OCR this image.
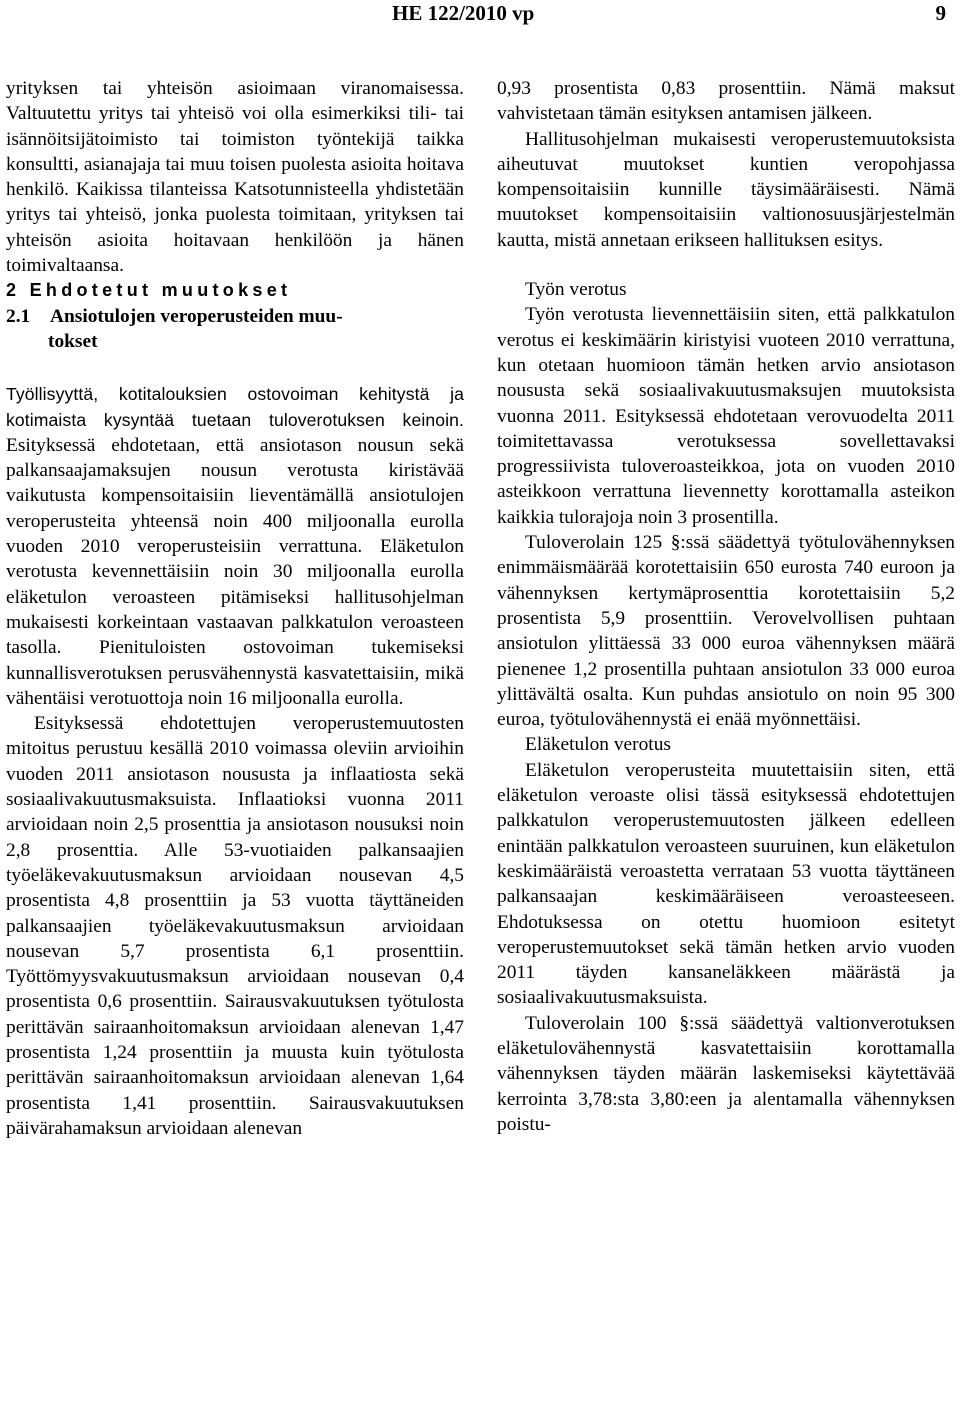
HE 122/2010 vp	9

yrityksen tai yhteisön asioimaan viranomaisessa. Valtuutettu yritys tai yhteisö voi olla esimerkiksi tili- tai isännöitsijätoimisto tai toimiston työntekijä taikka konsultti, asianajaja tai muu toisen puolesta asioita hoitava henkilö. Kaikissa tilanteissa Katsotunnisteella yhdistetään yritys tai yhteisö, jonka puolesta toimitaan, yrityksen tai yhteisön asioita hoitavaan henkilöön ja hänen toimivaltaansa.

2 Ehdotetut muutokset

2.1 Ansiotulojen veroperusteiden muu-
tokset

Työllisyyttä, kotitalouksien ostovoiman kehitystä ja kotimaista kysyntää tuetaan tuloverotuksen keinoin. Esityksessä ehdotetaan, että ansiotason nousun sekä palkansaajamaksujen nousun verotusta kiristävää vaikutusta kompensoitaisiin lieventämällä ansiotulojen veroperusteita yhteensä noin 400 miljoonalla eurolla vuoden 2010 veroperusteisiin verrattuna. Eläketulon verotusta kevennettäisiin noin 30 miljoonalla eurolla eläketulon veroasteen pitämiseksi hallitusohjelman mukaisesti korkeintaan vastaavan palkkatulon veroasteen tasolla. Pienituloisten ostovoiman tukemiseksi kunnallisverotuksen perusvähennystä kasvatettaisiin, mikä vähentäisi verotuottoja noin 16 miljoonalla eurolla.

Esityksessä ehdotettujen veroperustemuutosten mitoitus perustuu kesällä 2010 voimassa oleviin arvioihin vuoden 2011 ansiotason noususta ja inflaatiosta sekä sosiaalivakuutusmaksuista. Inflaatioksi vuonna 2011 arvioidaan noin 2,5 prosenttia ja ansiotason nousuksi noin 2,8 prosenttia. Alle 53-vuotiaiden palkansaajien työeläkevakuutusmaksun arvioidaan nousevan 4,5 prosentista 4,8 prosenttiin ja 53 vuotta täyttäneiden palkansaajien työeläkevakuutusmaksun arvioidaan nousevan 5,7 prosentista 6,1 prosenttiin. Työttömyysvakuutusmaksun arvioidaan nousevan 0,4 prosentista 0,6 prosenttiin. Sairausvakuutuksen työtulosta perittävän sairaanhoitomaksun arvioidaan alenevan 1,47 prosentista 1,24 prosenttiin ja muusta kuin työtulosta perittävän sairaanhoitomaksun arvioidaan alenevan 1,64 prosentista 1,41 prosenttiin. Sairausvakuutuksen päivärahamaksun arvioidaan alenevan

0,93 prosentista 0,83 prosenttiin. Nämä maksut vahvistetaan tämän esityksen antamisen jälkeen.

Hallitusohjelman mukaisesti veroperustemuutoksista aiheutuvat muutokset kuntien veropohjassa kompensoitaisiin kunnille täysimääräisesti. Nämä muutokset kompensoitaisiin valtionosuusjärjestelmän kautta, mistä annetaan erikseen hallituksen esitys.

Työn verotus

Työn verotusta lievennettäisiin siten, että palkkatulon verotus ei keskimäärin kiristyisi vuoteen 2010 verrattuna, kun otetaan huomioon tämän hetken arvio ansiotason noususta sekä sosiaalivakuutusmaksujen muutoksista vuonna 2011. Esityksessä ehdotetaan verovuodelta 2011 toimitettavassa verotuksessa sovellettavaksi progressiivista tuloveroasteikkoa, jota on vuoden 2010 asteikkoon verrattuna lievennetty korottamalla asteikon kaikkia tulorajoja noin 3 prosentilla.

Tuloverolain 125 §:ssä säädettyä työtulovähennyksen enimmäismäärää korotettaisiin 650 eurosta 740 euroon ja vähennyksen kertymäprosenttia korotettaisiin 5,2 prosentista 5,9 prosenttiin. Verovelvollisen puhtaan ansiotulon ylittäessä 33 000 euroa vähennyksen määrä pienenee 1,2 prosentilla puhtaan ansiotulon 33 000 euroa ylittävältä osalta. Kun puhdas ansiotulo on noin 95 300 euroa, työtulovähennystä ei enää myönnettäisi.

Eläketulon verotus

Eläketulon veroperusteita muutettaisiin siten, että eläketulon veroaste olisi tässä esityksessä ehdotettujen palkkatulon veroperustemuutosten jälkeen edelleen enintään palkkatulon veroasteen suuruinen, kun eläketulon keskimääräistä veroastetta verrataan 53 vuotta täyttäneen palkansaajan keskimääräiseen veroasteeseen. Ehdotuksessa on otettu huomioon esitetyt veroperustemuutokset sekä tämän hetken arvio vuoden 2011 täyden kansaneläkkeen määrästä ja sosiaalivakuutusmaksuista.

Tuloverolain 100 §:ssä säädettyä valtionverotuksen eläketulovähennystä kasvatettaisiin korottamalla vähennyksen täyden määrän laskemiseksi käytettävää kerrointa 3,78:sta 3,80:een ja alentamalla vähennyksen poistu-
